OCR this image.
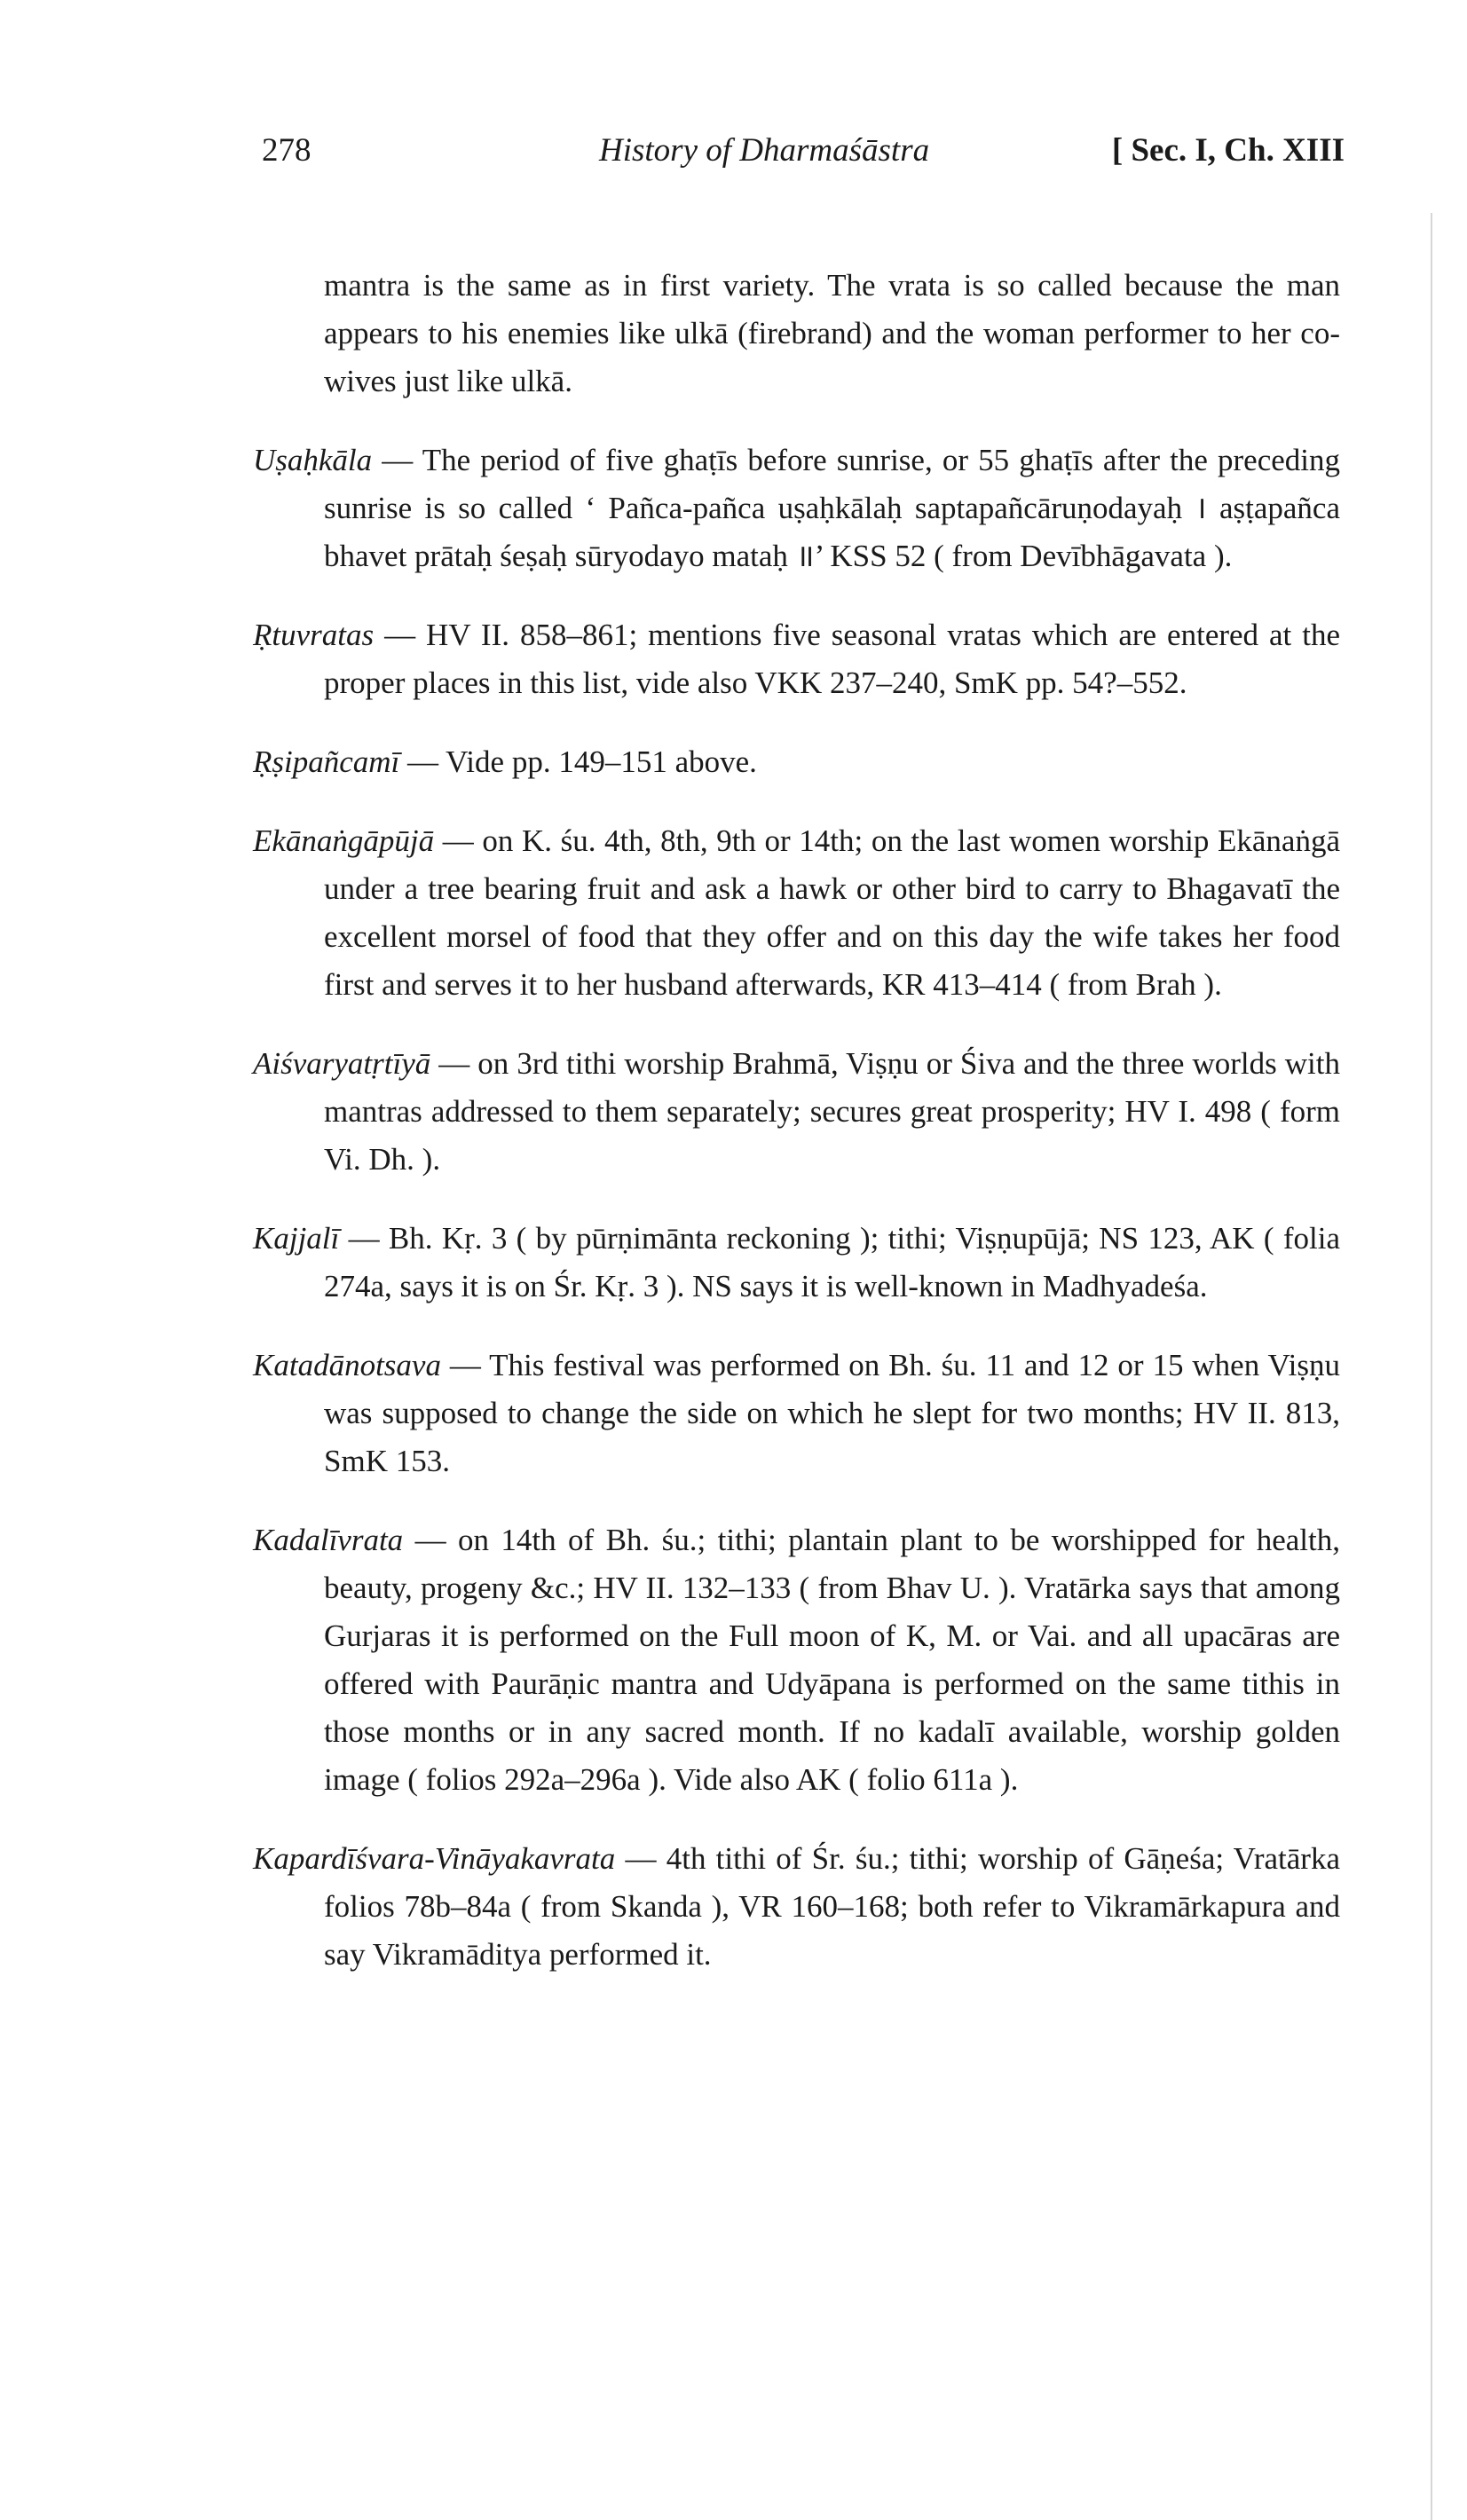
278	History of Dharmaśāstra	[ Sec. I, Ch. XIII

mantra is the same as in first variety. The vrata is so called because the man appears to his enemies like ulkā (firebrand) and the woman performer to her co-wives just like ulkā.

Uṣaḥkāla — The period of five ghaṭīs before sunrise, or 55 ghaṭīs after the preceding sunrise is so called ‘ Pañca-pañca uṣaḥkālaḥ saptapañcāruṇodayaḥ । aṣṭapañca bhavet prātaḥ śeṣaḥ sūryodayo mataḥ ॥’ KSS 52 ( from Devībhāgavata ).

Ṛtuvratas — HV II. 858–861; mentions five seasonal vratas which are entered at the proper places in this list, vide also VKK 237–240, SmK pp. 54?–552.

Ṛṣipañcamī — Vide pp. 149–151 above.

Ekānaṅgāpūjā — on K. śu. 4th, 8th, 9th or 14th; on the last women worship Ekānaṅgā under a tree bearing fruit and ask a hawk or other bird to carry to Bhagavatī the excellent morsel of food that they offer and on this day the wife takes her food first and serves it to her husband afterwards, KR 413–414 ( from Brah ).

Aiśvaryatṛtīyā — on 3rd tithi worship Brahmā, Viṣṇu or Śiva and the three worlds with mantras addressed to them separately; secures great prosperity; HV I. 498 ( form Vi. Dh. ).

Kajjalī — Bh. Kṛ. 3 ( by pūrṇimānta reckoning ); tithi; Viṣṇupūjā; NS 123, AK ( folia 274a, says it is on Śr. Kṛ. 3 ). NS says it is well-known in Madhyadeśa.

Katadānotsava — This festival was performed on Bh. śu. 11 and 12 or 15 when Viṣṇu was supposed to change the side on which he slept for two months; HV II. 813, SmK 153.

Kadalīvrata — on 14th of Bh. śu.; tithi; plantain plant to be worshipped for health, beauty, progeny &c.; HV II. 132–133 ( from Bhav U. ). Vratārka says that among Gurjaras it is performed on the Full moon of K, M. or Vai. and all upacāras are offered with Paurāṇic mantra and Udyāpana is performed on the same tithis in those months or in any sacred month. If no kadalī available, worship golden image ( folios 292a–296a ). Vide also AK ( folio 611a ).

Kapardīśvara-Vināyakavrata — 4th tithi of Śr. śu.; tithi; worship of Gāṇeśa; Vratārka folios 78b–84a ( from Skanda ), VR 160–168; both refer to Vikramārkapura and say Vikramāditya performed it.
